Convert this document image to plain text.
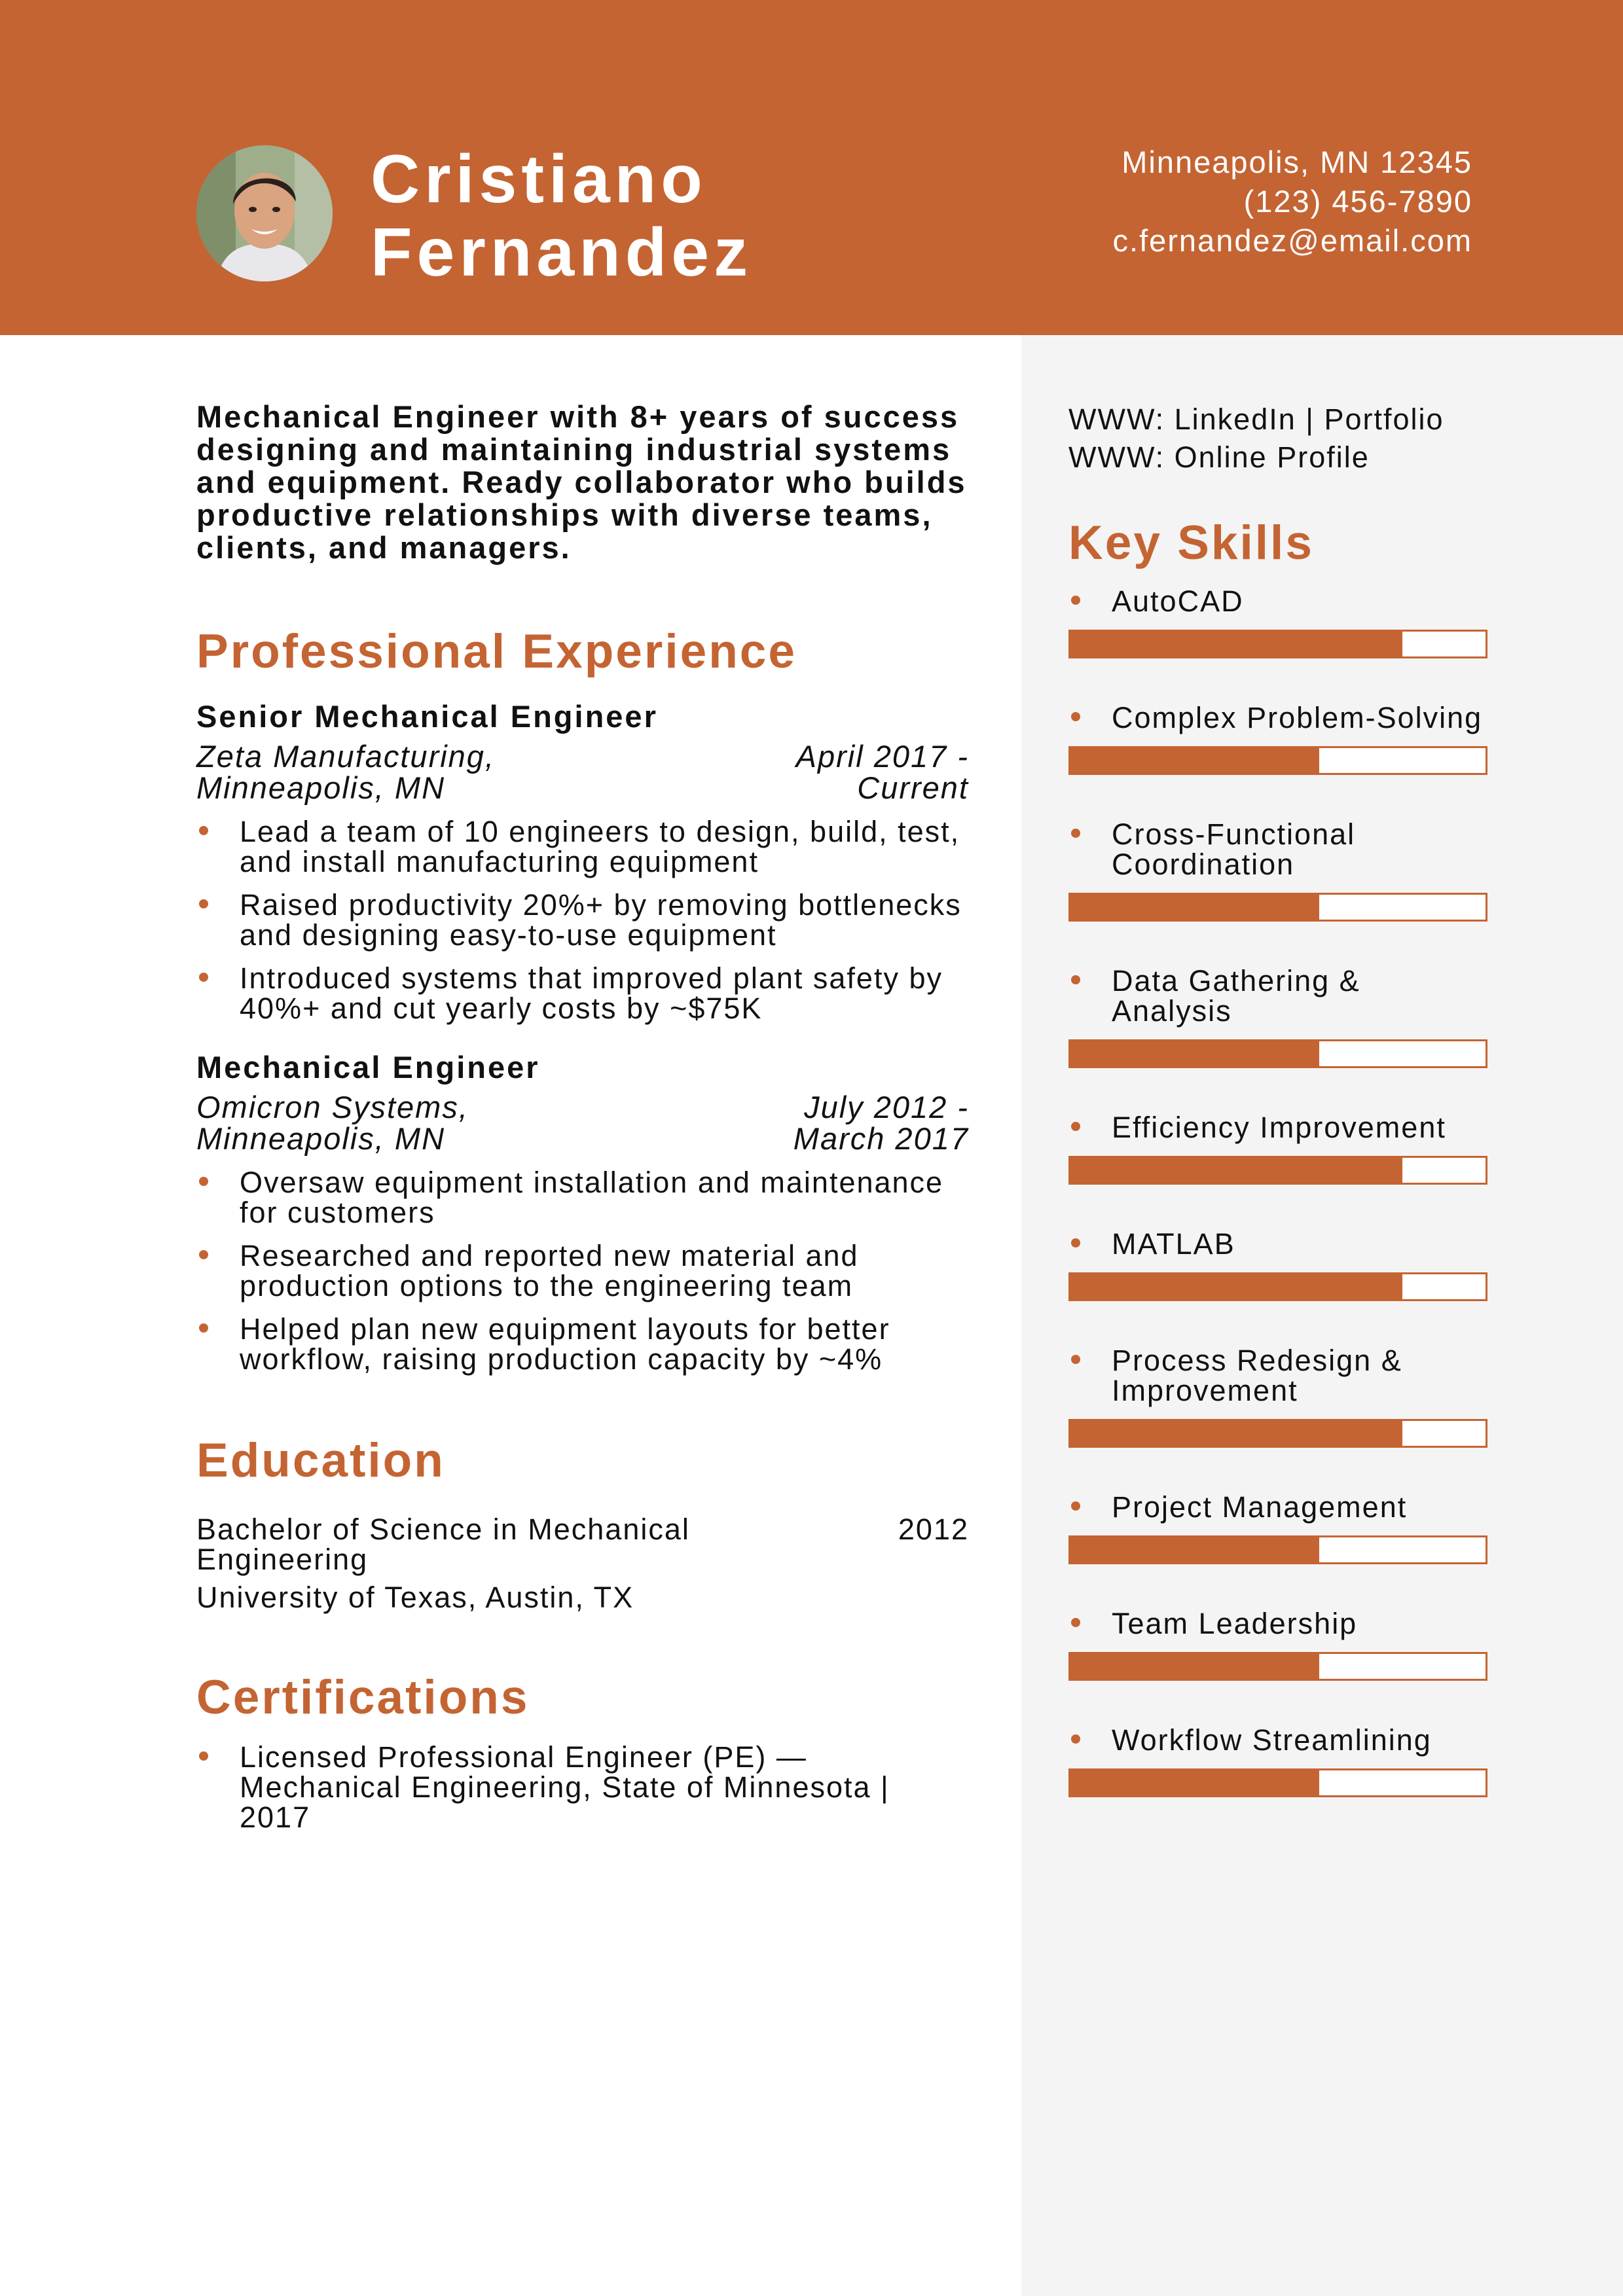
Cristiano
Fernandez
Minneapolis, MN 12345
(123) 456-7890
c.fernandez@email.com

Mechanical Engineer with 8+ years of success designing and maintaining industrial systems and equipment. Ready collaborator who builds productive relationships with diverse teams, clients, and managers.

Professional Experience
Senior Mechanical Engineer
Zeta Manufacturing,
Minneapolis, MN
April 2017 -
Current
Lead a team of 10 engineers to design, build, test, and install manufacturing equipment
Raised productivity 20%+ by removing bottlenecks and designing easy-to-use equipment
Introduced systems that improved plant safety by 40%+ and cut yearly costs by ~$75K
Mechanical Engineer
Omicron Systems,
Minneapolis, MN
July 2012 -
March 2017
Oversaw equipment installation and maintenance for customers
Researched and reported new material and production options to the engineering team
Helped plan new equipment layouts for better workflow, raising production capacity by ~4%
Education
Bachelor of Science in Mechanical Engineering
2012
University of Texas, Austin, TX
Certifications
Licensed Professional Engineer (PE) — Mechanical Engineering, State of Minnesota | 2017
WWW: LinkedIn | Portfolio
WWW: Online Profile
Key Skills
AutoCAD
Complex Problem-Solving
Cross-Functional Coordination
Data Gathering & Analysis
Efficiency Improvement
MATLAB
Process Redesign & Improvement
Project Management
Team Leadership
Workflow Streamlining
